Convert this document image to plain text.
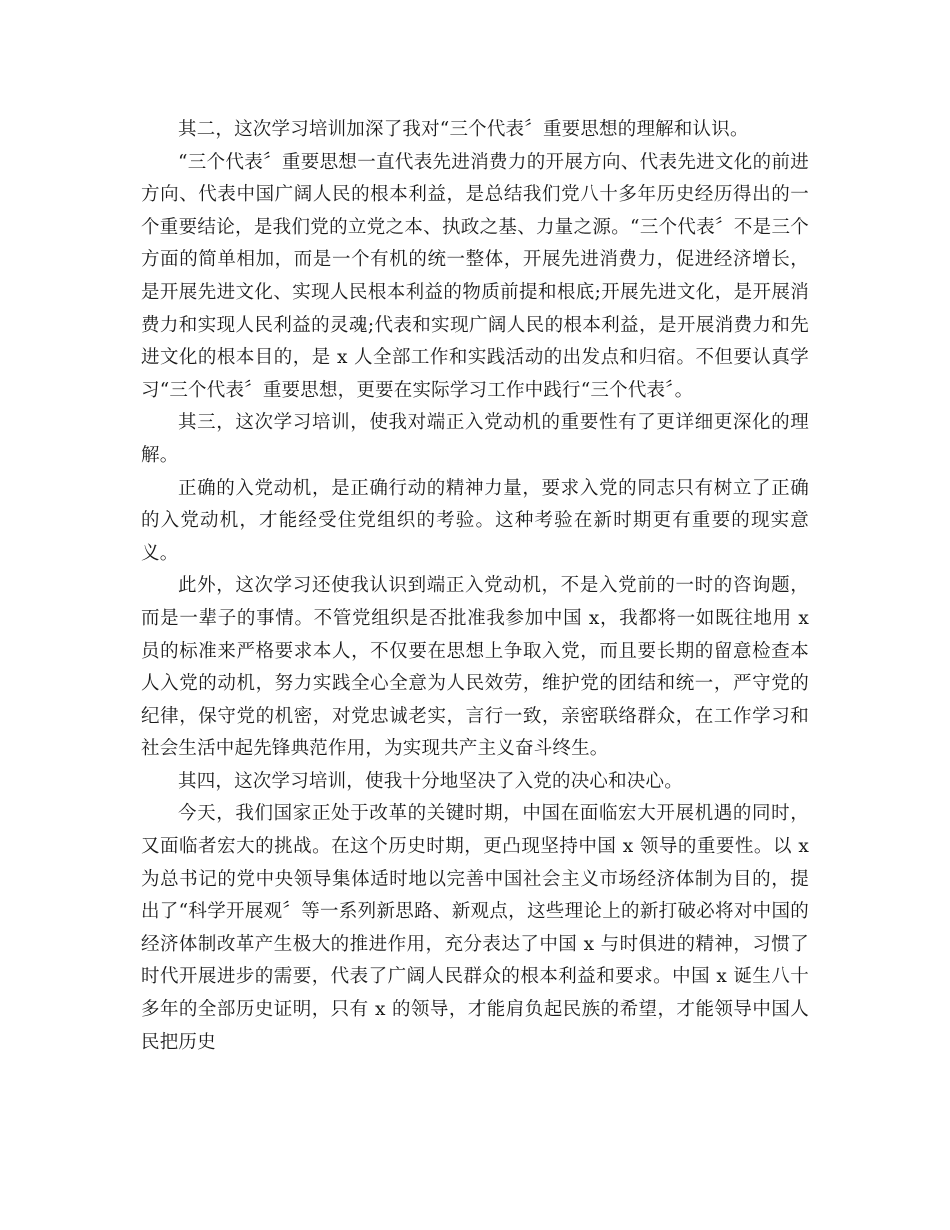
其二，这次学习培训加深了我对“三个代表〞重要思想的理解和认识。

“三个代表〞重要思想一直代表先进消费力的开展方向、代表先进文化的前进方向、代表中国广阔人民的根本利益，是总结我们党八十多年历史经历得出的一个重要结论，是我们党的立党之本、执政之基、力量之源。“三个代表〞不是三个方面的简单相加，而是一个有机的统一整体，开展先进消费力，促进经济增长，是开展先进文化、实现人民根本利益的物质前提和根底;开展先进文化，是开展消费力和实现人民利益的灵魂;代表和实现广阔人民的根本利益，是开展消费力和先进文化的根本目的，是 x 人全部工作和实践活动的出发点和归宿。不但要认真学习“三个代表〞重要思想，更要在实际学习工作中践行“三个代表〞。

其三，这次学习培训，使我对端正入党动机的重要性有了更详细更深化的理解。

正确的入党动机，是正确行动的精神力量，要求入党的同志只有树立了正确的入党动机，才能经受住党组织的考验。这种考验在新时期更有重要的现实意义。

此外，这次学习还使我认识到端正入党动机，不是入党前的一时的咨询题，而是一辈子的事情。不管党组织是否批准我参加中国 x，我都将一如既往地用 x 员的标准来严格要求本人，不仅要在思想上争取入党，而且要长期的留意检查本人入党的动机，努力实践全心全意为人民效劳，维护党的团结和统一，严守党的纪律，保守党的机密，对党忠诚老实，言行一致，亲密联络群众，在工作学习和社会生活中起先锋典范作用，为实现共产主义奋斗终生。

其四，这次学习培训，使我十分地坚决了入党的决心和决心。

今天，我们国家正处于改革的关键时期，中国在面临宏大开展机遇的同时，又面临者宏大的挑战。在这个历史时期，更凸现坚持中国 x 领导的重要性。以 x 为总书记的党中央领导集体适时地以完善中国社会主义市场经济体制为目的，提出了“科学开展观〞等一系列新思路、新观点，这些理论上的新打破必将对中国的经济体制改革产生极大的推进作用，充分表达了中国 x 与时俱进的精神，习惯了时代开展进步的需要，代表了广阔人民群众的根本利益和要求。中国 x 诞生八十多年的全部历史证明，只有 x 的领导，才能肩负起民族的希望，才能领导中国人民把历史
